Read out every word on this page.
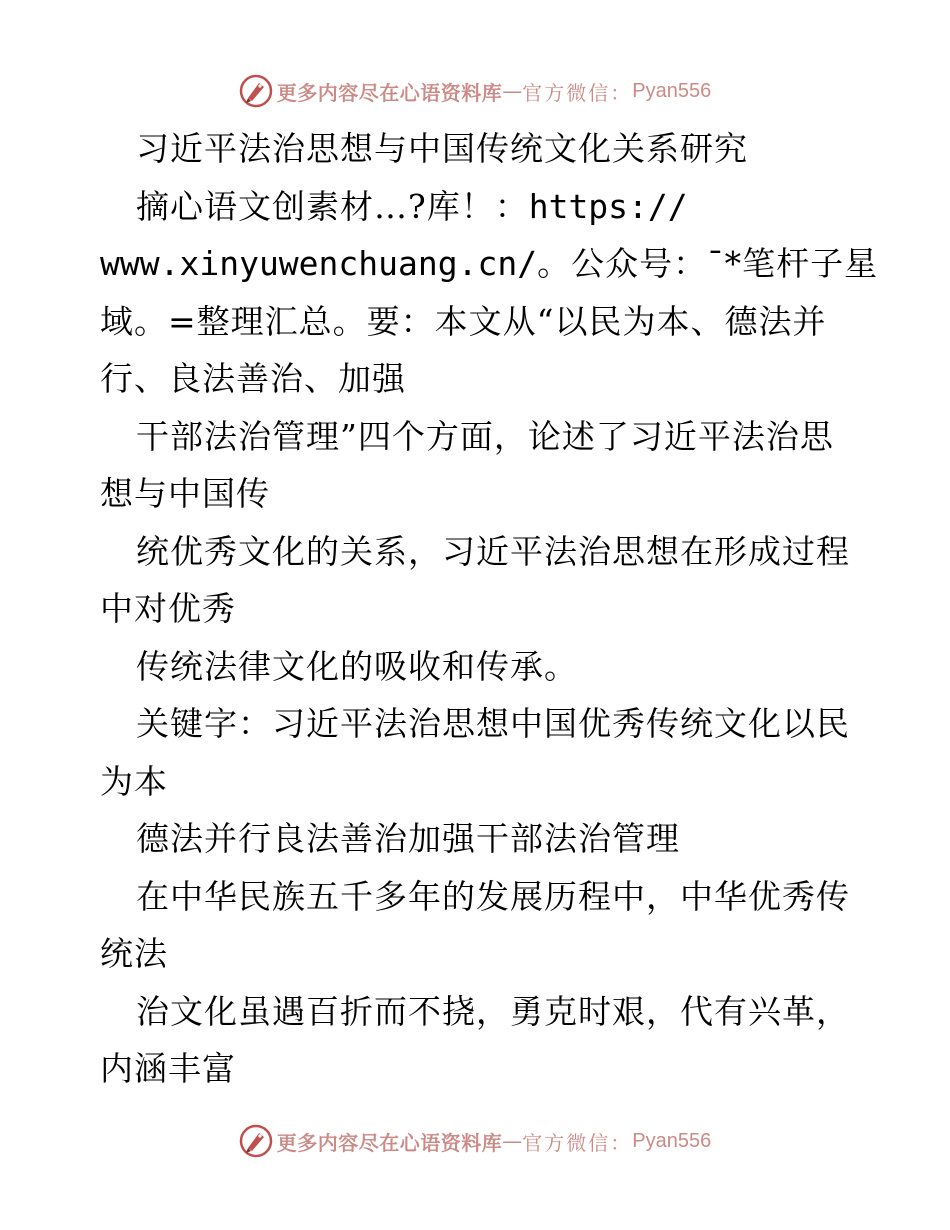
更多内容尽在心语资料库 — 官方微信： Pyan556
习近平法治思想与中国传统文化关系研究
摘心语文创素材…?库！：https://
www.xinyuwenchuang.cn/。公众号：¯*笔杆子星
域。=整理汇总。要：本文从“以民为本、德法并
行、良法善治、加强
干部法治管理”四个方面，论述了习近平法治思
想与中国传
统优秀文化的关系，习近平法治思想在形成过程
中对优秀
传统法律文化的吸收和传承。
关键字：习近平法治思想中国优秀传统文化以民
为本
德法并行良法善治加强干部法治管理
在中华民族五千多年的发展历程中，中华优秀传
统法
治文化虽遇百折而不挠，勇克时艰，代有兴革，
内涵丰富
更多内容尽在心语资料库 — 官方微信： Pyan556
